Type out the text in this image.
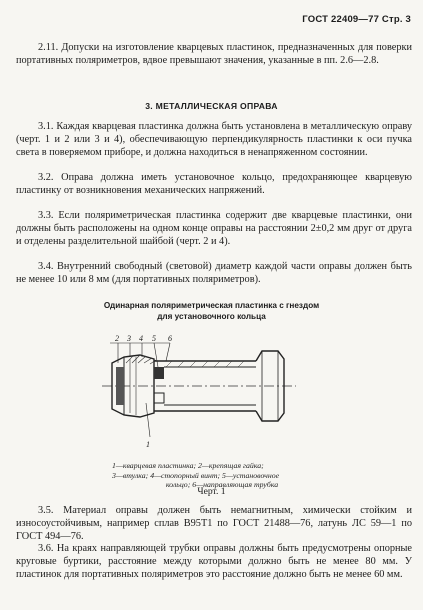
ГОСТ 22409—77 Стр. 3

2.11. Допуски на изготовление кварцевых пластинок, предназначенных для поверки портативных поляриметров, вдвое превышают значения, указанные в пп. 2.6—2.8.

3. МЕТАЛЛИЧЕСКАЯ ОПРАВА

3.1. Каждая кварцевая пластинка должна быть установлена в металлическую оправу (черт. 1 и 2 или 3 и 4), обеспечивающую перпендикулярность пластинки к оси пучка света в поверяемом приборе, и должна находиться в ненапряженном состоянии.

3.2. Оправа должна иметь установочное кольцо, предохраняющее кварцевую пластинку от возникновения механических напряжений.

3.3. Если поляриметрическая пластинка содержит две кварцевые пластинки, они должны быть расположены на одном конце оправы на расстоянии 2±0,2 мм друг от друга и отделены разделительной шайбой (черт. 2 и 4).

3.4. Внутренний свободный (световой) диаметр каждой части оправы должен быть не менее 10 или 8 мм (для портативных поляриметров).

Одинарная поляриметрическая пластинка с гнездом
для установочного кольца
2 3 4 5 6
1
1—кварцевая пластинка; 2—крепящая гайка;
3—втулка; 4—стопорный винт; 5—установочное
кольцо; 6—направляющая трубка
Черт. 1

3.5. Материал оправы должен быть немагнитным, химически стойким и износоустойчивым, например сплав В95Т1 по ГОСТ 21488—76, латунь ЛС 59—1 по ГОСТ 494—76.

3.6. На краях направляющей трубки оправы должны быть предусмотрены опорные круговые буртики, расстояние между которыми должно быть не менее 80 мм. У пластинок для портативных поляриметров это расстояние должно быть не менее 60 мм.
